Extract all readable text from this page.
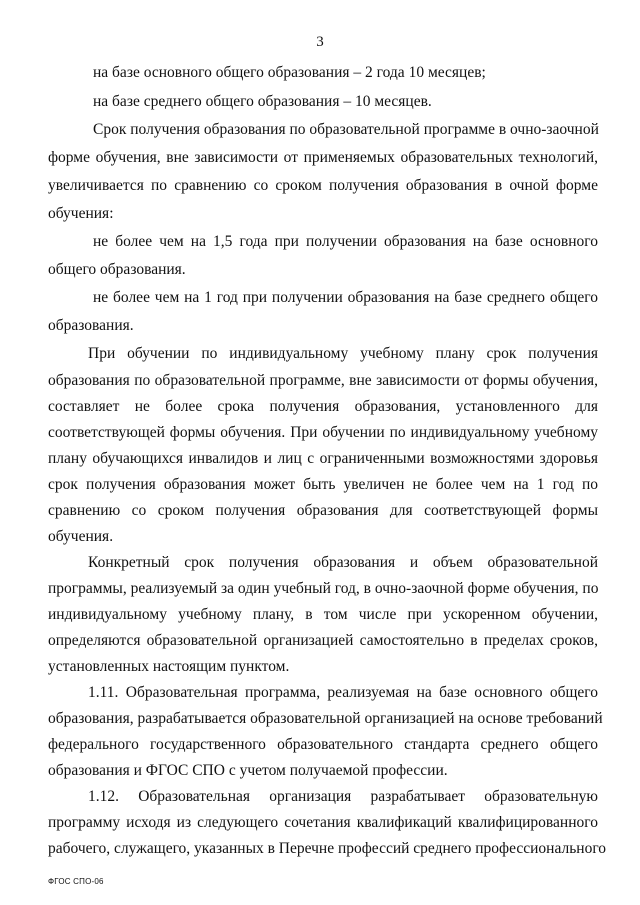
3
на базе основного общего образования – 2 года 10 месяцев;
на базе среднего общего образования – 10 месяцев.
Срок получения образования по образовательной программе в очно-заочной
форме обучения, вне зависимости от применяемых образовательных технологий,
увеличивается по сравнению со сроком получения образования в очной форме
обучения:
не более чем на 1,5 года при получении образования на базе основного
общего образования.
не более чем на 1 год при получении образования на базе среднего общего
образования.
При обучении по индивидуальному учебному плану срок получения
образования по образовательной программе, вне зависимости от формы обучения,
составляет не более срока получения образования, установленного для
соответствующей формы обучения. При обучении по индивидуальному учебному
плану обучающихся инвалидов и лиц с ограниченными возможностями здоровья
срок получения образования может быть увеличен не более чем на 1 год по
сравнению со сроком получения образования для соответствующей формы
обучения.
Конкретный срок получения образования и объем образовательной
программы, реализуемый за один учебный год, в очно-заочной форме обучения, по
индивидуальному учебному плану, в том числе при ускоренном обучении,
определяются образовательной организацией самостоятельно в пределах сроков,
установленных настоящим пунктом.
1.11. Образовательная программа, реализуемая на базе основного общего
образования, разрабатывается образовательной организацией на основе требований
федерального государственного образовательного стандарта среднего общего
образования и ФГОС СПО с учетом получаемой профессии.
1.12. Образовательная организация разрабатывает образовательную
программу исходя из следующего сочетания квалификаций квалифицированного
рабочего, служащего, указанных в Перечне профессий среднего профессионального
ФГОС СПО-06
